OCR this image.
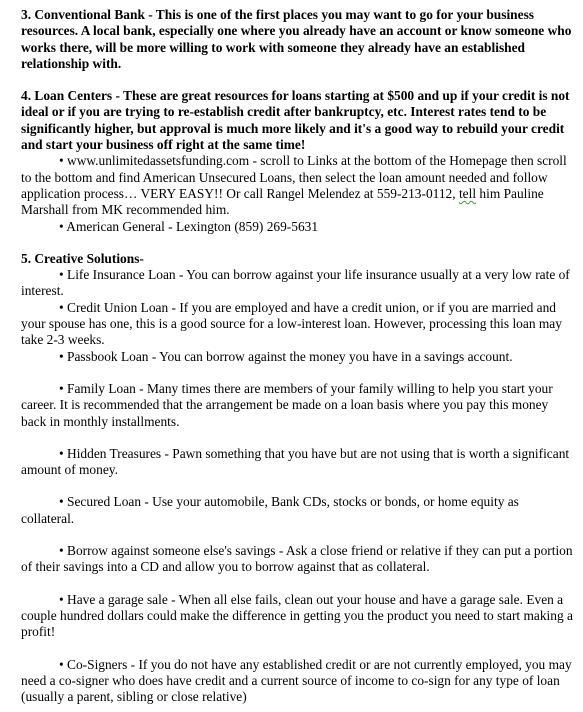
3. Conventional Bank - This is one of the first places you may want to go for your business resources. A local bank, especially one where you already have an account or know someone who works there, will be more willing to work with someone they already have an established relationship with.

4. Loan Centers - These are great resources for loans starting at $500 and up if your credit is not ideal or if you are trying to re-establish credit after bankruptcy, etc. Interest rates tend to be significantly higher, but approval is much more likely and it's a good way to rebuild your credit and start your business off right at the same time!

• www.unlimitedassetsfunding.com - scroll to Links at the bottom of the Homepage then scroll to the bottom and find American Unsecured Loans, then select the loan amount needed and follow application process… VERY EASY!! Or call Rangel Melendez at 559-213-0112, tell him Pauline Marshall from MK recommended him.

• American General - Lexington (859) 269-5631

5. Creative Solutions-

• Life Insurance Loan - You can borrow against your life insurance usually at a very low rate of interest.

• Credit Union Loan - If you are employed and have a credit union, or if you are married and your spouse has one, this is a good source for a low-interest loan. However, processing this loan may take 2-3 weeks.

• Passbook Loan - You can borrow against the money you have in a savings account.

• Family Loan - Many times there are members of your family willing to help you start your career. It is recommended that the arrangement be made on a loan basis where you pay this money back in monthly installments.

• Hidden Treasures - Pawn something that you have but are not using that is worth a significant amount of money.

• Secured Loan - Use your automobile, Bank CDs, stocks or bonds, or home equity as collateral.

• Borrow against someone else's savings - Ask a close friend or relative if they can put a portion of their savings into a CD and allow you to borrow against that as collateral.

• Have a garage sale - When all else fails, clean out your house and have a garage sale. Even a couple hundred dollars could make the difference in getting you the product you need to start making a profit!

• Co-Signers - If you do not have any established credit or are not currently employed, you may need a co-signer who does have credit and a current source of income to co-sign for any type of loan (usually a parent, sibling or close relative)
